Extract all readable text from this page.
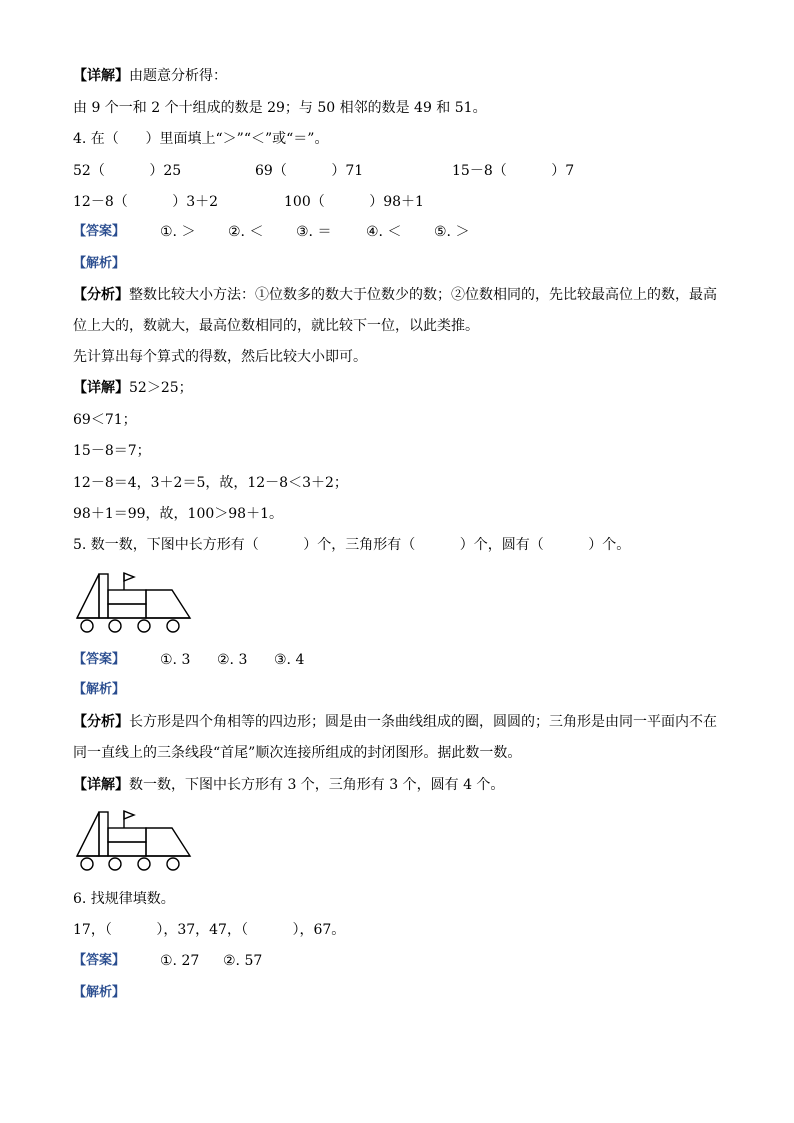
【详解】由题意分析得：
由 9 个一和 2 个十组成的数是 29；与 50 相邻的数是 49 和 51。
4. 在（      ）里面填上“＞”“＜”或“＝”。
52（          ）25	69（          ）71	15－8（          ）7
12－8（          ）3＋2	100（          ）98＋1
【答案】 ①. ＞ ②. ＜ ③. ＝ ④. ＜ ⑤. ＞
【解析】
【分析】整数比较大小方法：①位数多的数大于位数少的数；②位数相同的，先比较最高位上的数，最高
位上大的，数就大，最高位数相同的，就比较下一位，以此类推。
先计算出每个算式的得数，然后比较大小即可。
【详解】52＞25；
69＜71；
15－8＝7；
12－8＝4，3＋2＝5，故，12－8＜3＋2；
98＋1＝99，故，100＞98＋1。
5. 数一数，下图中长方形有（          ）个，三角形有（          ）个，圆有（          ）个。
【答案】 ①. 3 ②. 3 ③. 4
【解析】
【分析】长方形是四个角相等的四边形；圆是由一条曲线组成的圈，圆圆的；三角形是由同一平面内不在
同一直线上的三条线段“首尾”顺次连接所组成的封闭图形。据此数一数。
【详解】数一数，下图中长方形有 3 个，三角形有 3 个，圆有 4 个。
6. 找规律填数。
17，（          ），37，47，（          ），67。
【答案】 ①. 27 ②. 57
【解析】
